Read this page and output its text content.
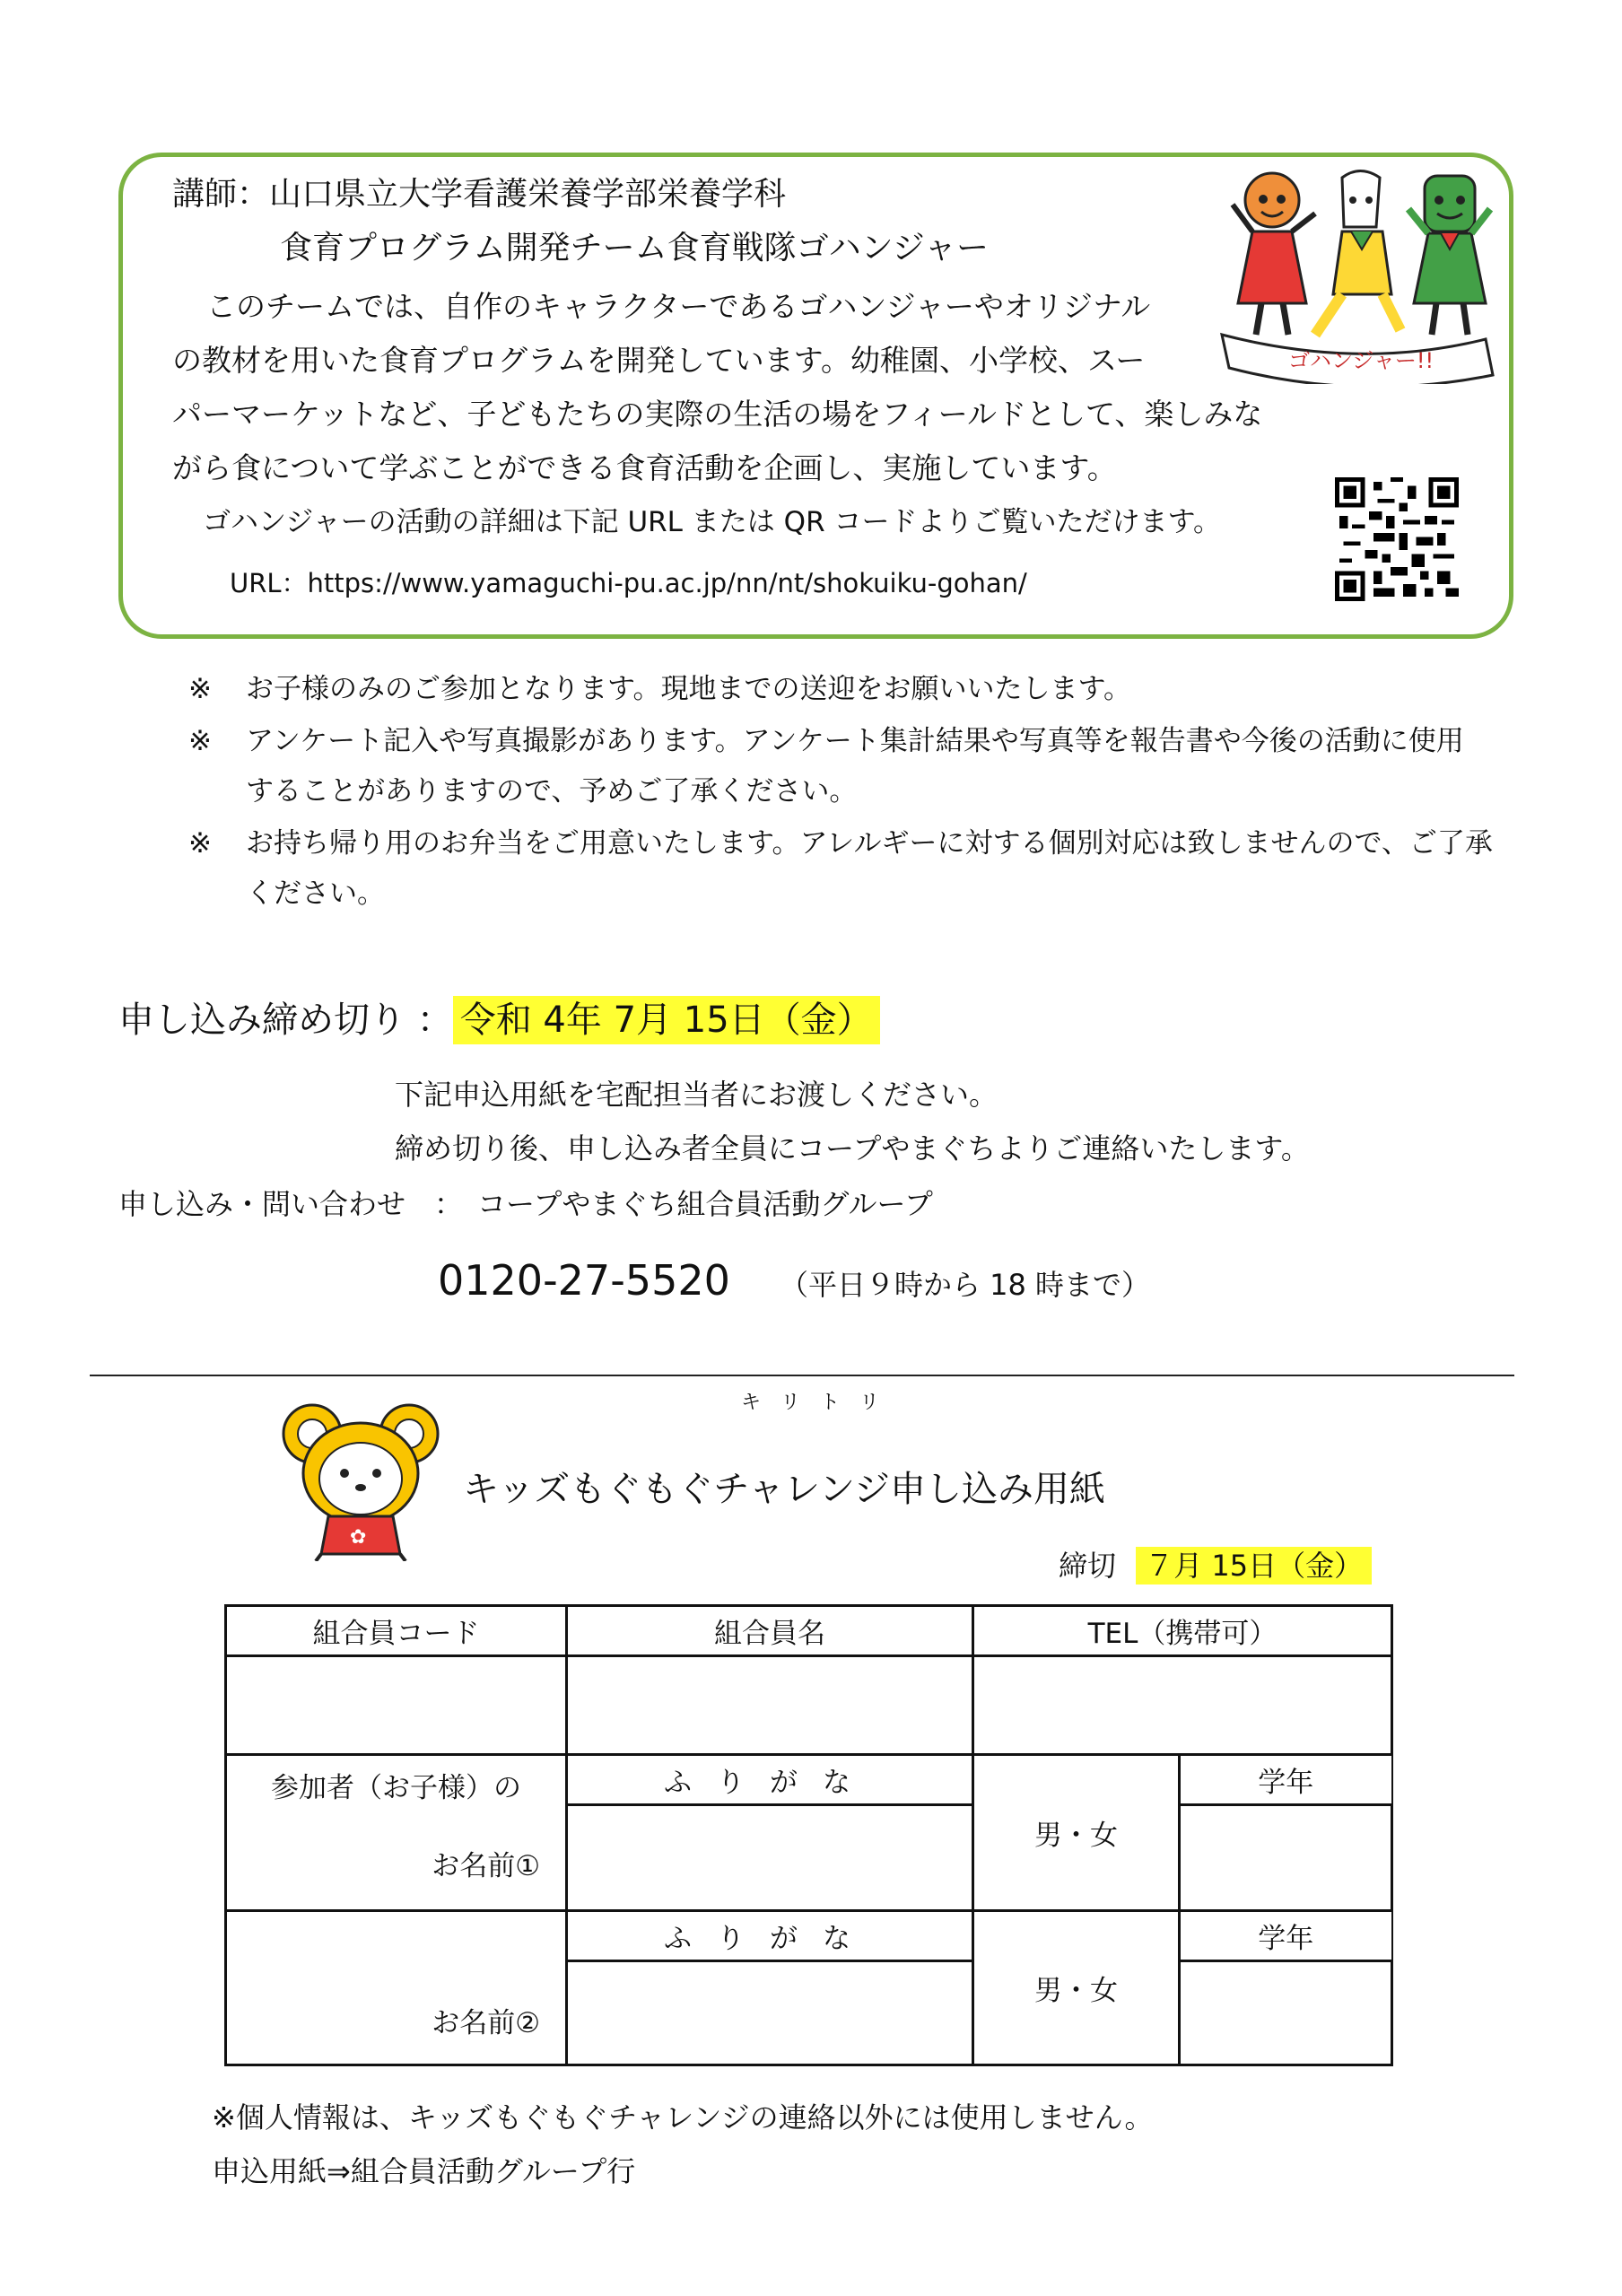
講師：山口県立大学看護栄養学部栄養学科
食育プログラム開発チーム食育戦隊ゴハンジャー
このチームでは、自作のキャラクターであるゴハンジャーやオリジナル
の教材を用いた食育プログラムを開発しています。幼稚園、小学校、スー
パーマーケットなど、子どもたちの実際の生活の場をフィールドとして、楽しみな
がら食について学ぶことができる食育活動を企画し、実施しています。
ゴハンジャーの活動の詳細は下記 URL または QR コードよりご覧いただけます。
URL：https://www.yamaguchi-pu.ac.jp/nn/nt/shokuiku-gohan/
ゴハンジャー!!
※ お子様のみのご参加となります。現地までの送迎をお願いいたします。
※ アンケート記入や写真撮影があります。アンケート集計結果や写真等を報告書や今後の活動に使用
することがありますので、予めご了承ください。
※ お持ち帰り用のお弁当をご用意いたします。アレルギーに対する個別対応は致しませんので、ご了承
ください。
申し込み締め切り ： 令和 4年 7月 15日（金）
下記申込用紙を宅配担当者にお渡しください。
締め切り後、申し込み者全員にコープやまぐちよりご連絡いたします。
申し込み・問い合わせ　：　コープやまぐち組合員活動グループ
0120-27-5520 （平日９時から 18 時まで）
キリトリ
✿
キッズもぐもぐチャレンジ申し込み用紙
締切 ７月 15日（金）
組合員コード	組合員名	TEL（携帯可）	

参加者（お子様）の
お名前①	ふりがな	男・女	学年

お名前②	ふりがな	男・女	学年

※個人情報は、キッズもぐもぐチャレンジの連絡以外には使用しません。
申込用紙⇒組合員活動グループ行
